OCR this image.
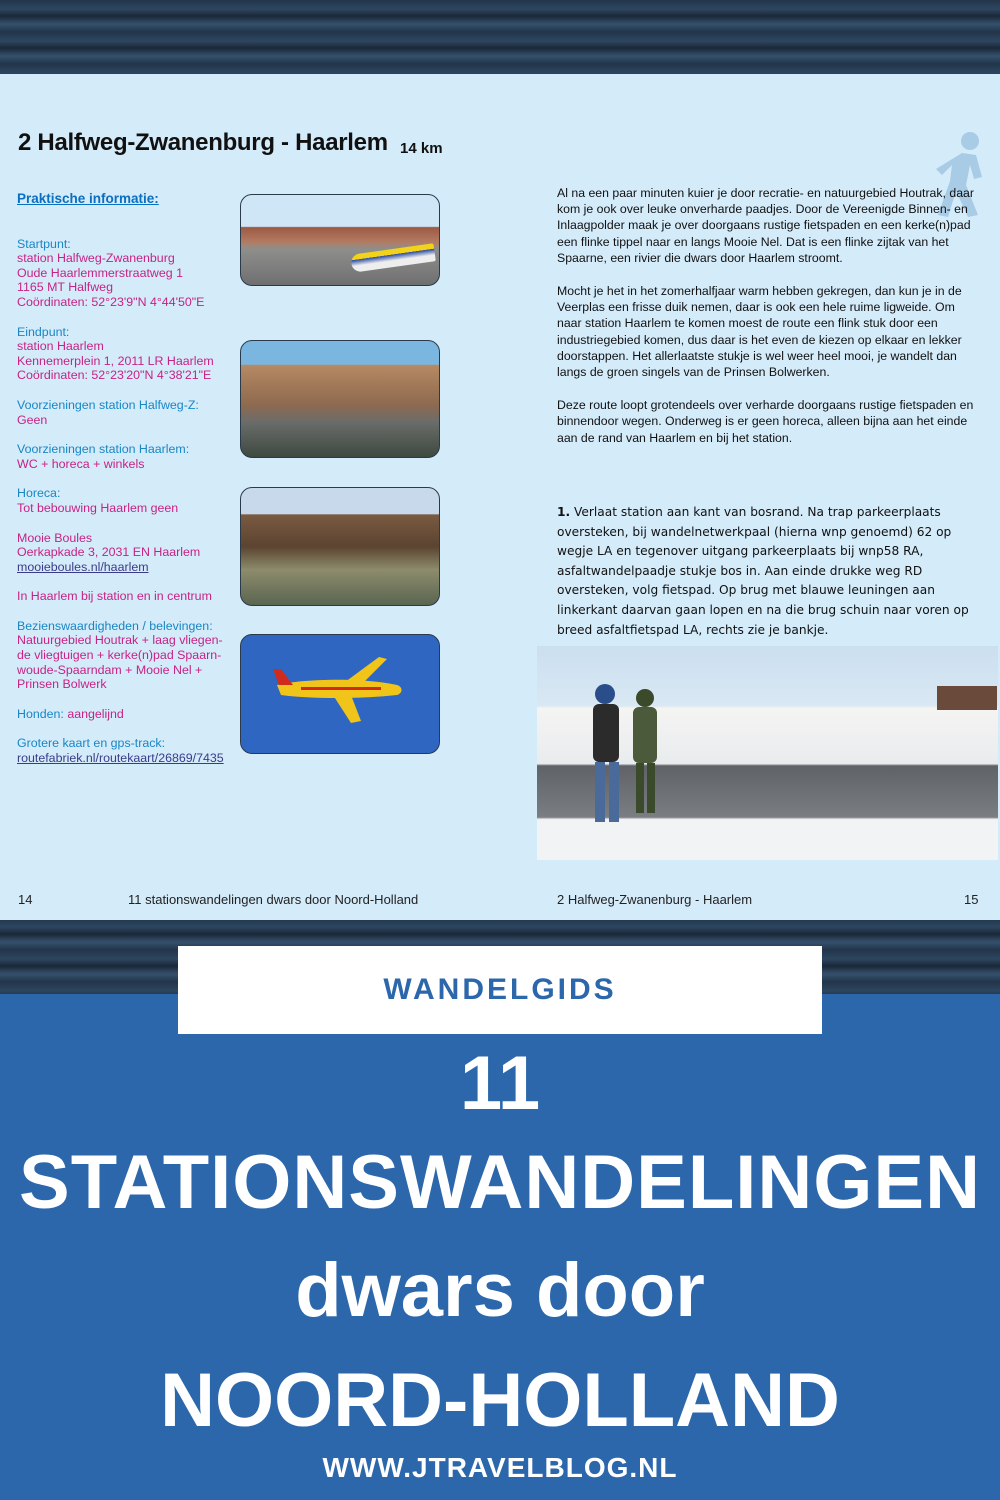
2 Halfweg-Zwanenburg - Haarlem 14 km
Praktische informatie:
Startpunt:
station Halfweg-Zwanenburg
Oude Haarlemmerstraatweg 1
1165 MT Halfweg
Coördinaten: 52°23'9"N 4°44'50"E
Eindpunt:
station Haarlem
Kennemerplein 1, 2011 LR Haarlem
Coördinaten: 52°23'20"N 4°38'21"E
Voorzieningen station Halfweg-Z:
Geen
Voorzieningen station Haarlem:
WC + horeca + winkels
Horeca:
Tot bebouwing Haarlem geen
Mooie Boules
Oerkapkade 3, 2031 EN Haarlem
mooieboules.nl/haarlem
In Haarlem bij station en in centrum
Bezienswaardigheden / belevingen:
Natuurgebied Houtrak + laag vliegen-
de vliegtuigen + kerke(n)pad Spaarn-
woude-Spaarndam + Mooie Nel +
Prinsen Bolwerk
Honden: aangelijnd
Grotere kaart en gps-track:
routefabriek.nl/routekaart/26869/7435

Al na een paar minuten kuier je door recratie- en natuurgebied Houtrak, daar kom je ook over leuke onverharde paadjes. Door de Vereenigde Binnen- en Inlaagpolder maak je over doorgaans rustige fietspaden en een kerke(n)pad een flinke tippel naar en langs Mooie Nel. Dat is een flinke zijtak van het Spaarne, een rivier die dwars door Haarlem stroomt.

Mocht je het in het zomerhalfjaar warm hebben gekregen, dan kun je in de Veerplas een frisse duik nemen, daar is ook een hele ruime ligweide. Om naar station Haarlem te komen moest de route een flink stuk door een industriegebied komen, dus daar is het even de kiezen op elkaar en lekker doorstappen. Het allerlaatste stukje is wel weer heel mooi, je wandelt dan langs de groen singels van de Prinsen Bolwerken.

Deze route loopt grotendeels over verharde doorgaans rustige fietspaden en binnendoor wegen. Onderweg is er geen horeca, alleen bijna aan het einde aan de rand van Haarlem en bij het station.

1. Verlaat station aan kant van bosrand. Na trap parkeerplaats oversteken, bij wandelnetwerkpaal (hierna wnp genoemd) 62 op wegje LA en tegenover uitgang parkeerplaats bij wnp58 RA, asfaltwandelpaadje stukje bos in. Aan einde drukke weg RD oversteken, volg fietspad. Op brug met blauwe leuningen aan linkerkant daarvan gaan lopen en na die brug schuin naar voren op breed asfaltfietspad LA, rechts zie je bankje.

14	11 stationswandelingen dwars door Noord-Holland	2 Halfweg-Zwanenburg - Haarlem	15
WANDELGIDS
11
STATIONSWANDELINGEN
dwars door
NOORD-HOLLAND
WWW.JTRAVELBLOG.NL
